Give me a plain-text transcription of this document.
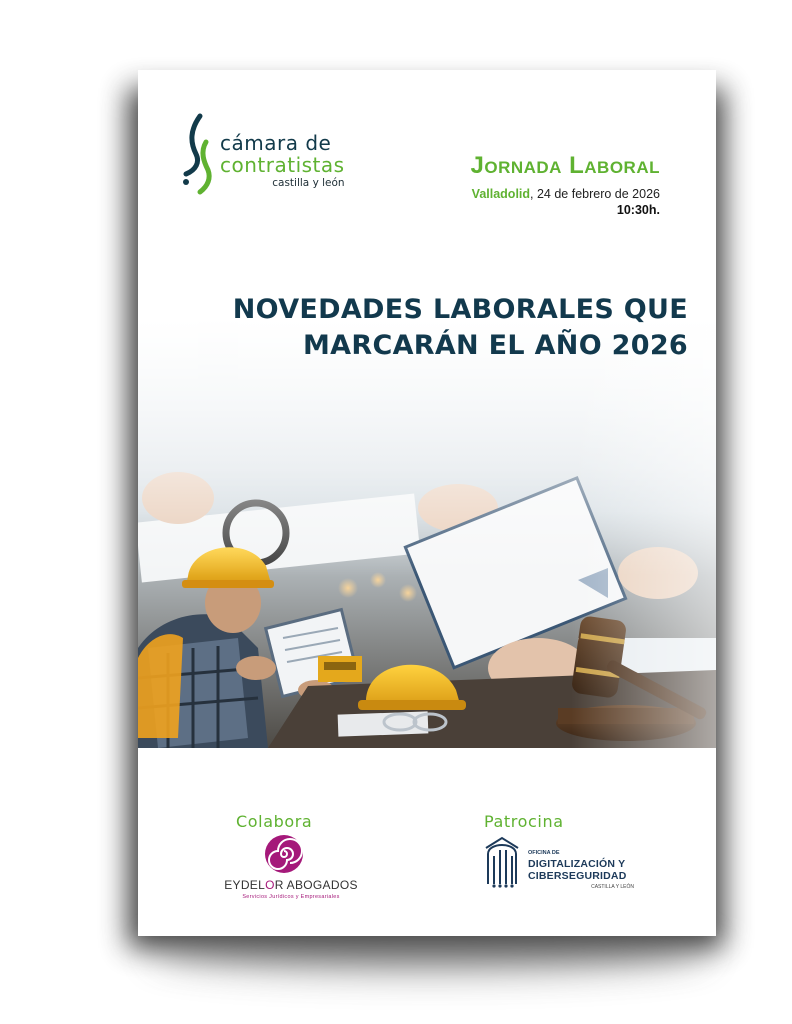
cámara de
contratistas
castilla y león
Jornada Laboral
Valladolid, 24 de febrero de 2026
10:30h.
NOVEDADES LABORALES QUE
MARCARÁN EL AÑO 2026
Colabora	Patrocina
EYDELOR ABOGADOS
Servicios Jurídicos y Empresariales
OFICINA DE
DIGITALIZACIÓN Y
CIBERSEGURIDAD
CASTILLA Y LEÓN
